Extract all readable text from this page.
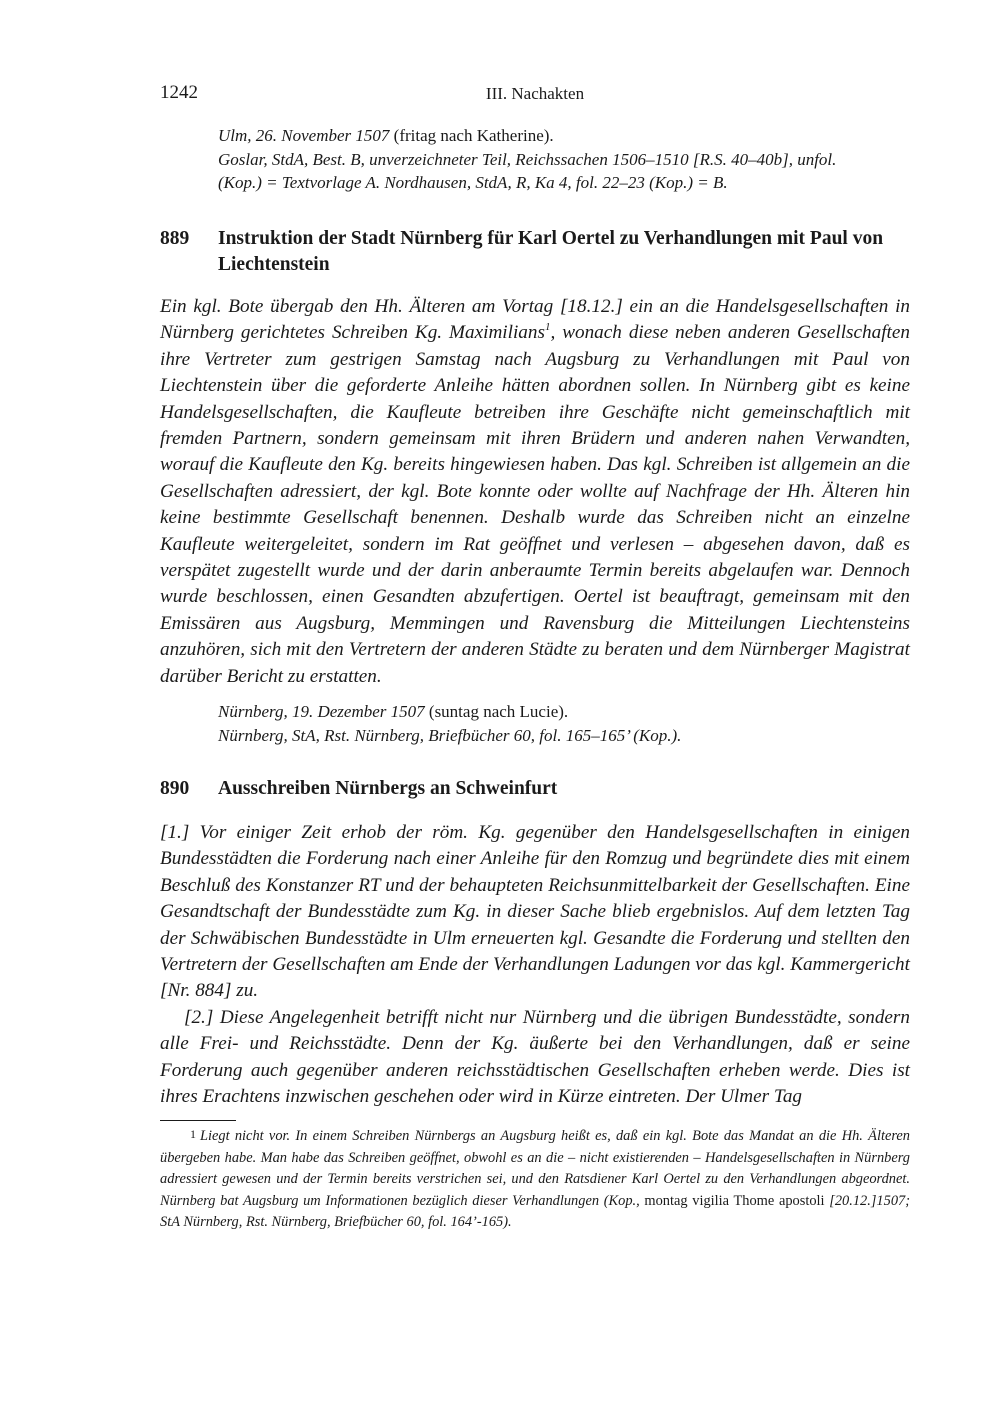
1242	III. Nachakten
Ulm, 26. November 1507 (fritag nach Katherine).
Goslar, StdA, Best. B, unverzeichneter Teil, Reichssachen 1506–1510 [R.S. 40–40b], unfol.
(Kop.) = Textvorlage A. Nordhausen, StdA, R, Ka 4, fol. 22–23 (Kop.) = B.
889 Instruktion der Stadt Nürnberg für Karl Oertel zu Verhandlungen mit Paul von Liechtenstein

Ein kgl. Bote übergab den Hh. Älteren am Vortag [18.12.] ein an die Handelsgesellschaften in Nürnberg gerichtetes Schreiben Kg. Maximilians$^1$, wonach diese neben anderen Gesellschaften ihre Vertreter zum gestrigen Samstag nach Augsburg zu Verhandlungen mit Paul von Liechtenstein über die geforderte Anleihe hätten abordnen sollen. In Nürnberg gibt es keine Handelsgesellschaften, die Kaufleute betreiben ihre Geschäfte nicht gemeinschaftlich mit fremden Partnern, sondern gemeinsam mit ihren Brüdern und anderen nahen Verwandten, worauf die Kaufleute den Kg. bereits hingewiesen haben. Das kgl. Schreiben ist allgemein an die Gesellschaften adressiert, der kgl. Bote konnte oder wollte auf Nachfrage der Hh. Älteren hin keine bestimmte Gesellschaft benennen. Deshalb wurde das Schreiben nicht an einzelne Kaufleute weitergeleitet, sondern im Rat geöffnet und verlesen – abgesehen davon, daß es verspätet zugestellt wurde und der darin anberaumte Termin bereits abgelaufen war. Dennoch wurde beschlossen, einen Gesandten abzufertigen. Oertel ist beauftragt, gemeinsam mit den Emissären aus Augsburg, Memmingen und Ravensburg die Mitteilungen Liechtensteins anzuhören, sich mit den Vertretern der anderen Städte zu beraten und dem Nürnberger Magistrat darüber Bericht zu erstatten.

Nürnberg, 19. Dezember 1507 (suntag nach Lucie).
Nürnberg, StA, Rst. Nürnberg, Briefbücher 60, fol. 165–165’ (Kop.).
890 Ausschreiben Nürnbergs an Schweinfurt

[1.] Vor einiger Zeit erhob der röm. Kg. gegenüber den Handelsgesellschaften in einigen Bundesstädten die Forderung nach einer Anleihe für den Romzug und begründete dies mit einem Beschluß des Konstanzer RT und der behaupteten Reichsunmittelbarkeit der Gesellschaften. Eine Gesandtschaft der Bundesstädte zum Kg. in dieser Sache blieb ergebnislos. Auf dem letzten Tag der Schwäbischen Bundesstädte in Ulm erneuerten kgl. Gesandte die Forderung und stellten den Vertretern der Gesellschaften am Ende der Verhandlungen Ladungen vor das kgl. Kammergericht [Nr. 884] zu.

[2.] Diese Angelegenheit betrifft nicht nur Nürnberg und die übrigen Bundesstädte, sondern alle Frei- und Reichsstädte. Denn der Kg. äußerte bei den Verhandlungen, daß er seine Forderung auch gegenüber anderen reichsstädtischen Gesellschaften erheben werde. Dies ist ihres Erachtens inzwischen geschehen oder wird in Kürze eintreten. Der Ulmer Tag

1 Liegt nicht vor. In einem Schreiben Nürnbergs an Augsburg heißt es, daß ein kgl. Bote das Mandat an die Hh. Älteren übergeben habe. Man habe das Schreiben geöffnet, obwohl es an die – nicht existierenden – Handelsgesellschaften in Nürnberg adressiert gewesen und der Termin bereits verstrichen sei, und den Ratsdiener Karl Oertel zu den Verhandlungen abgeordnet. Nürnberg bat Augsburg um Informationen bezüglich dieser Verhandlungen (Kop., montag vigilia Thome apostoli [20.12.]1507; StA Nürnberg, Rst. Nürnberg, Briefbücher 60, fol. 164’-165).
